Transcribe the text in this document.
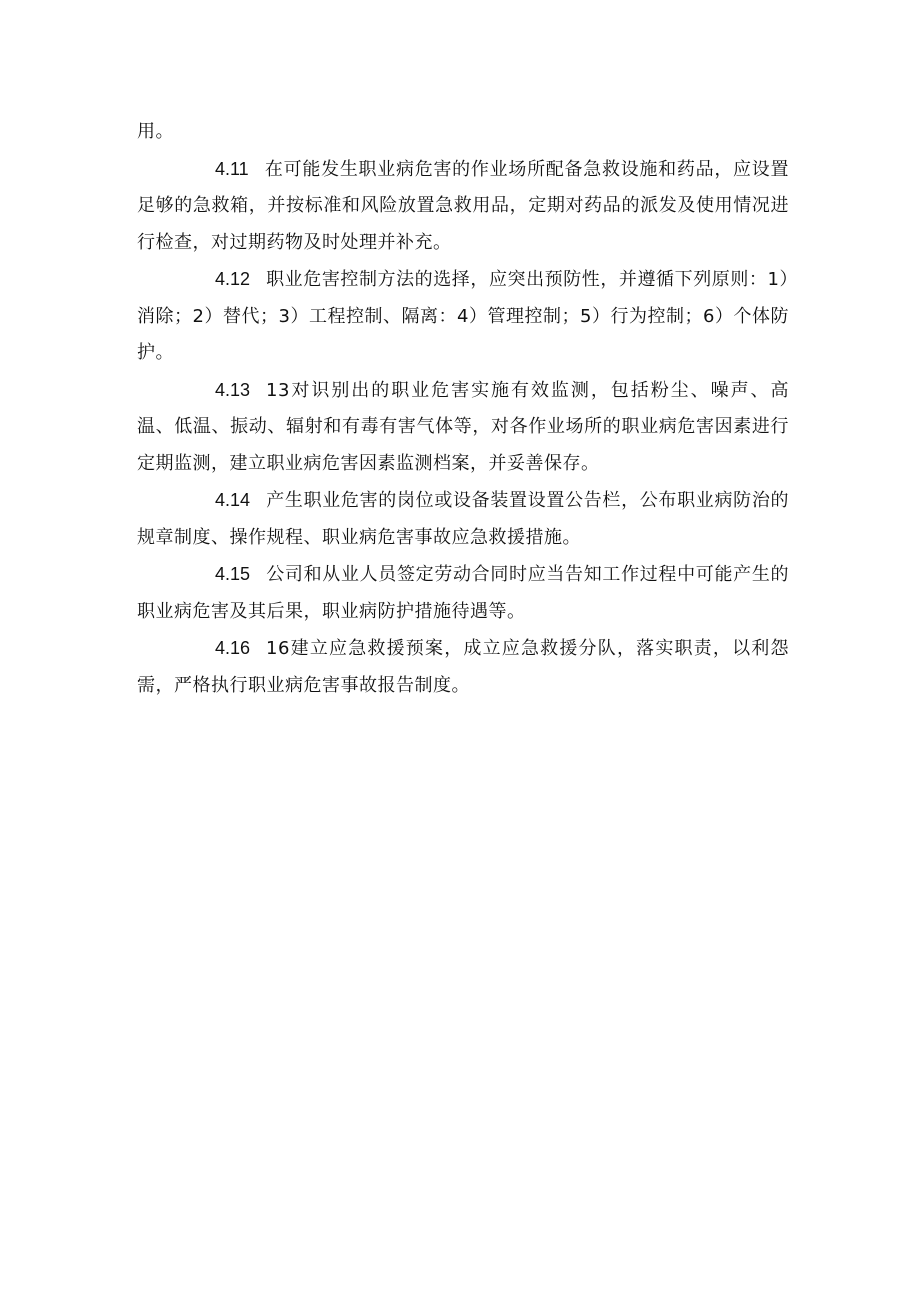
用。

4.11 在可能发生职业病危害的作业场所配备急救设施和药品，应设置足够的急救箱，并按标准和风险放置急救用品，定期对药品的派发及使用情况进行检查，对过期药物及时处理并补充。

4.12 职业危害控制方法的选择，应突出预防性，并遵循下列原则：1）消除；2）替代；3）工程控制、隔离：4）管理控制；5）行为控制；6）个体防护。

4.13 13对识别出的职业危害实施有效监测，包括粉尘、噪声、高温、低温、振动、辐射和有毒有害气体等，对各作业场所的职业病危害因素进行定期监测，建立职业病危害因素监测档案，并妥善保存。

4.14 产生职业危害的岗位或设备装置设置公告栏，公布职业病防治的规章制度、操作规程、职业病危害事故应急救援措施。

4.15 公司和从业人员签定劳动合同时应当告知工作过程中可能产生的职业病危害及其后果，职业病防护措施待遇等。

4.16 16建立应急救援预案，成立应急救援分队，落实职责，以利怨需，严格执行职业病危害事故报告制度。
